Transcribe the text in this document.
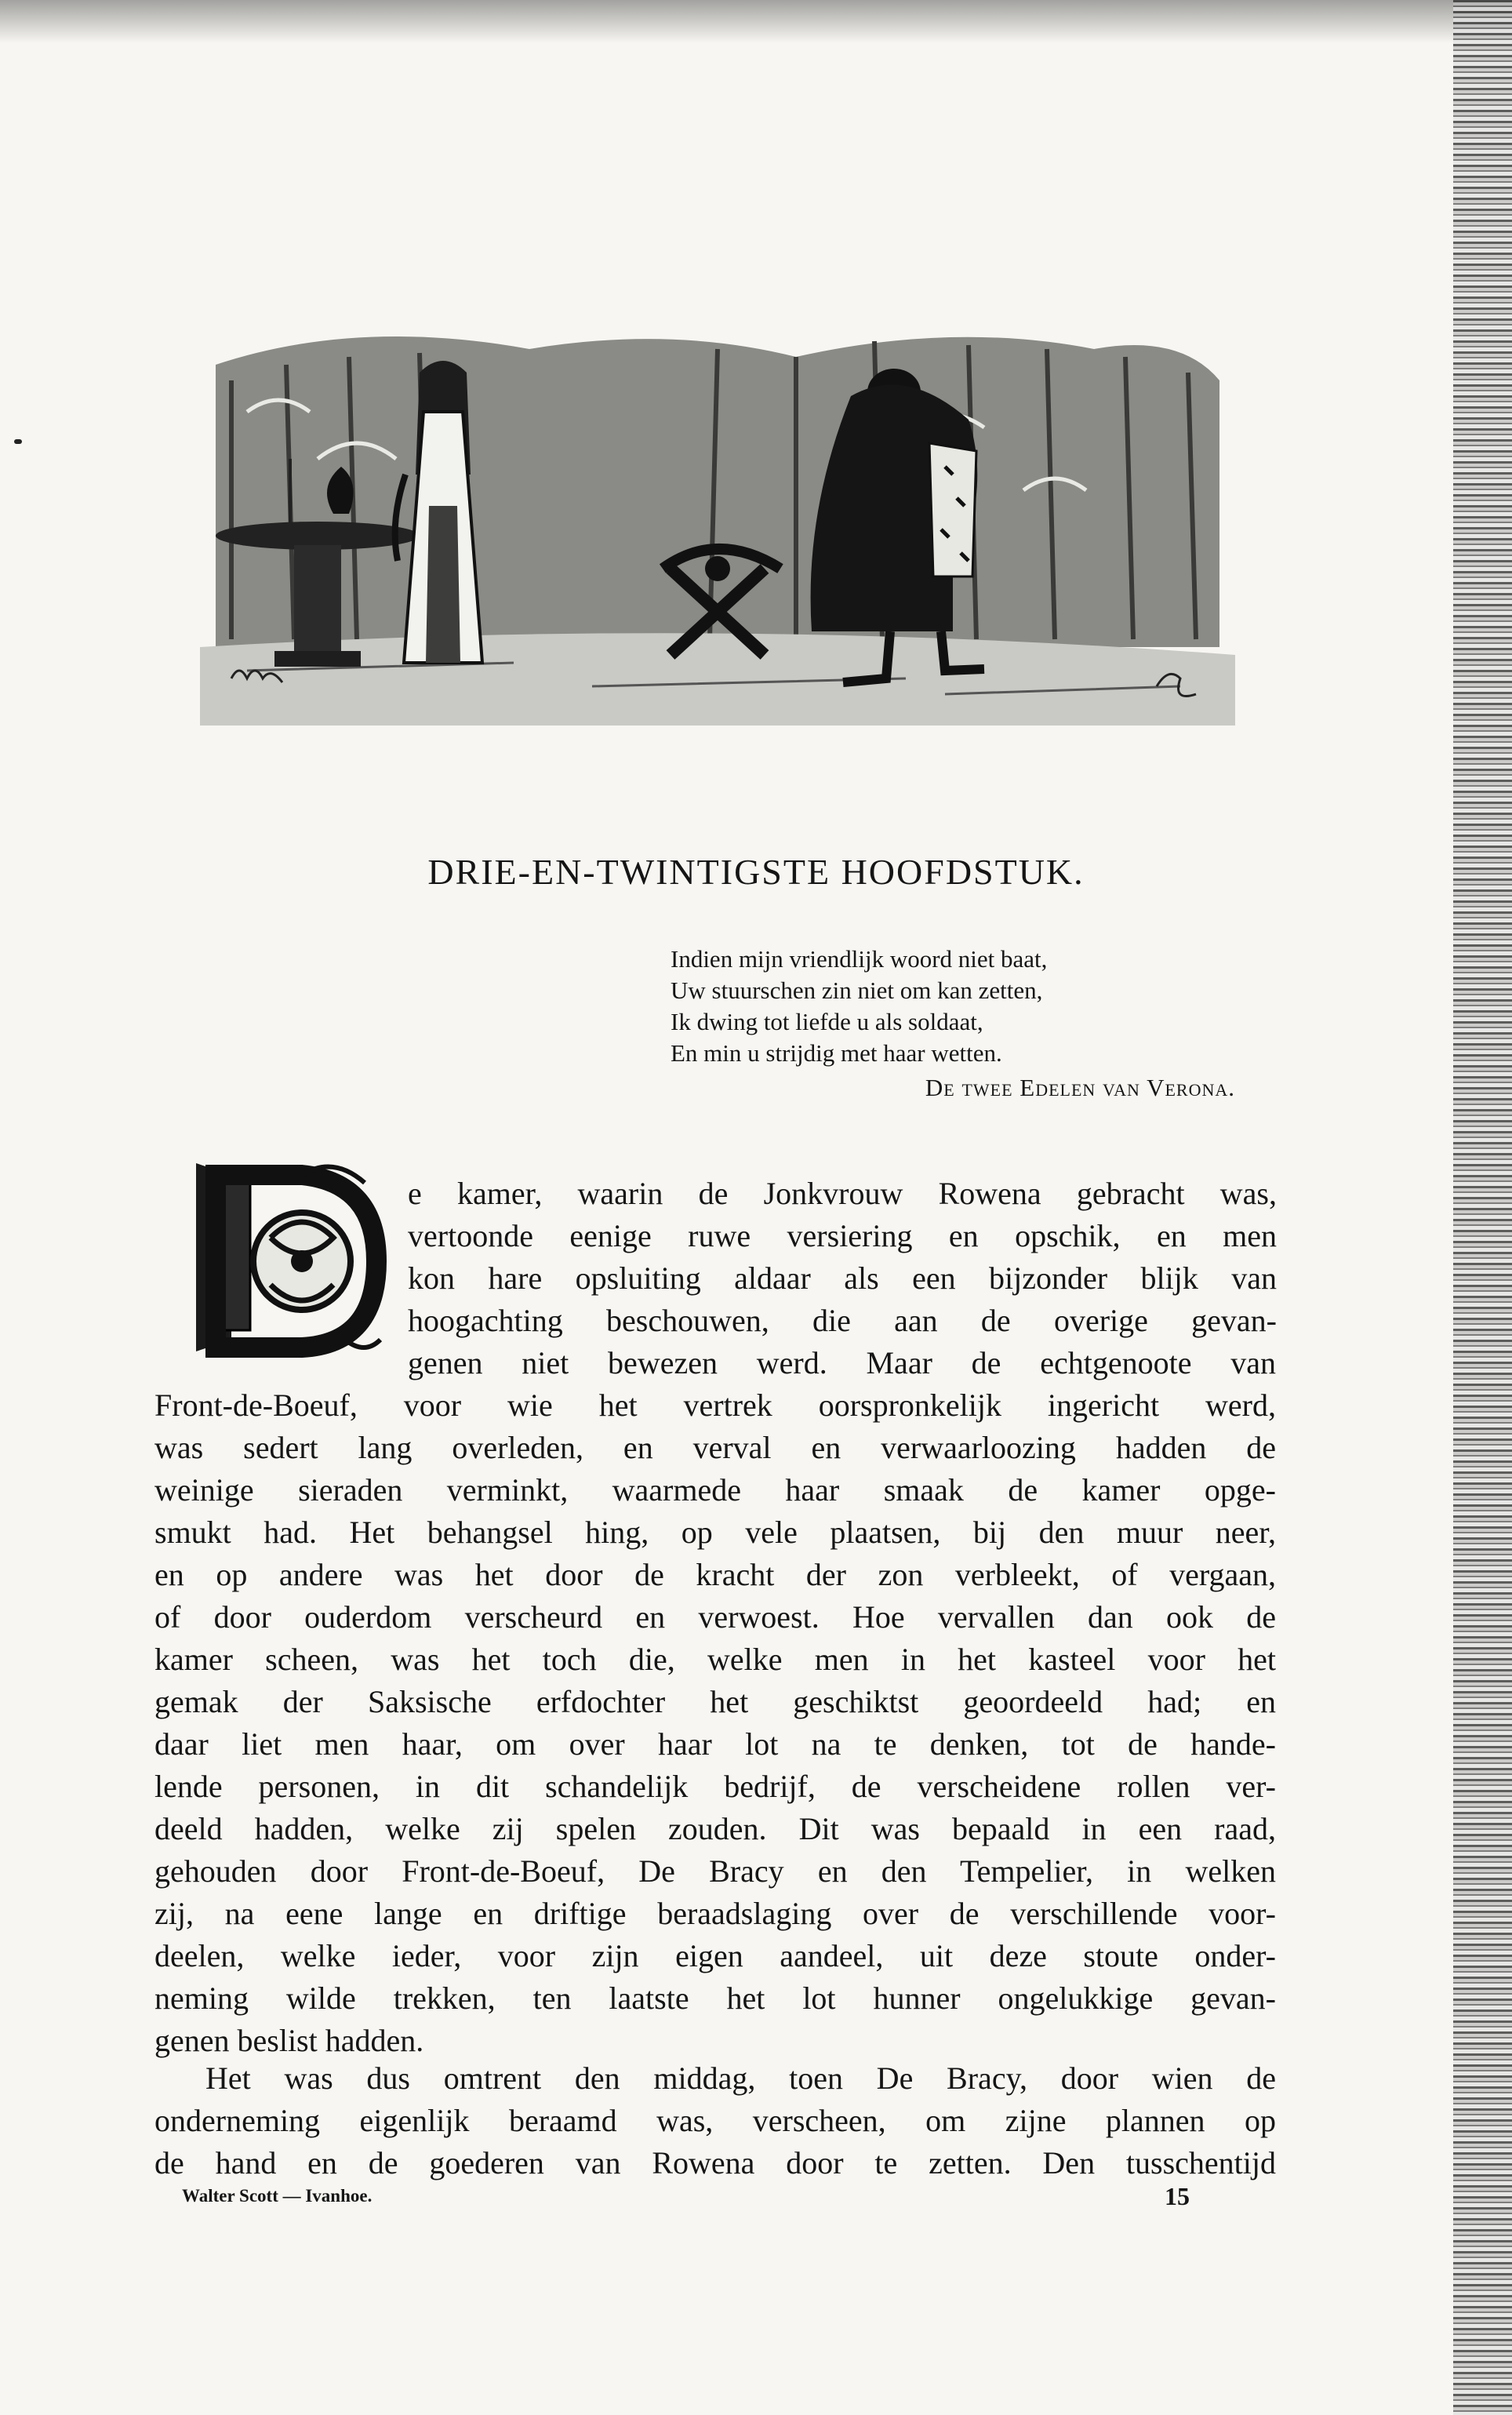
DRIE-EN-TWINTIGSTE HOOFDSTUK.
Indien mijn vriendlijk woord niet baat,
Uw stuurschen zin niet om kan zetten,
Ik dwing tot liefde u als soldaat,
En min u strijdig met haar wetten.
De twee Edelen van Verona.
D
e kamer, waarin de Jonkvrouw Rowena gebracht was,
vertoonde eenige ruwe versiering en opschik, en men
kon hare opsluiting aldaar als een bijzonder blijk van
hoogachting beschouwen, die aan de overige gevan-
genen niet bewezen werd. Maar de echtgenoote van
Front-de-Boeuf, voor wie het vertrek oorspronkelijk ingericht werd,
was sedert lang overleden, en verval en verwaarloozing hadden de
weinige sieraden verminkt, waarmede haar smaak de kamer opge-
smukt had. Het behangsel hing, op vele plaatsen, bij den muur neer,
en op andere was het door de kracht der zon verbleekt, of vergaan,
of door ouderdom verscheurd en verwoest. Hoe vervallen dan ook de
kamer scheen, was het toch die, welke men in het kasteel voor het
gemak der Saksische erfdochter het geschiktst geoordeeld had; en
daar liet men haar, om over haar lot na te denken, tot de hande-
lende personen, in dit schandelijk bedrijf, de verscheidene rollen ver-
deeld hadden, welke zij spelen zouden. Dit was bepaald in een raad,
gehouden door Front-de-Boeuf, De Bracy en den Tempelier, in welken
zij, na eene lange en driftige beraadslaging over de verschillende voor-
deelen, welke ieder, voor zijn eigen aandeel, uit deze stoute onder-
neming wilde trekken, ten laatste het lot hunner ongelukkige gevan-
genen beslist hadden.
Het was dus omtrent den middag, toen De Bracy, door wien de
onderneming eigenlijk beraamd was, verscheen, om zijne plannen op
de hand en de goederen van Rowena door te zetten. Den tusschentijd
Walter Scott — Ivanhoe.	15
